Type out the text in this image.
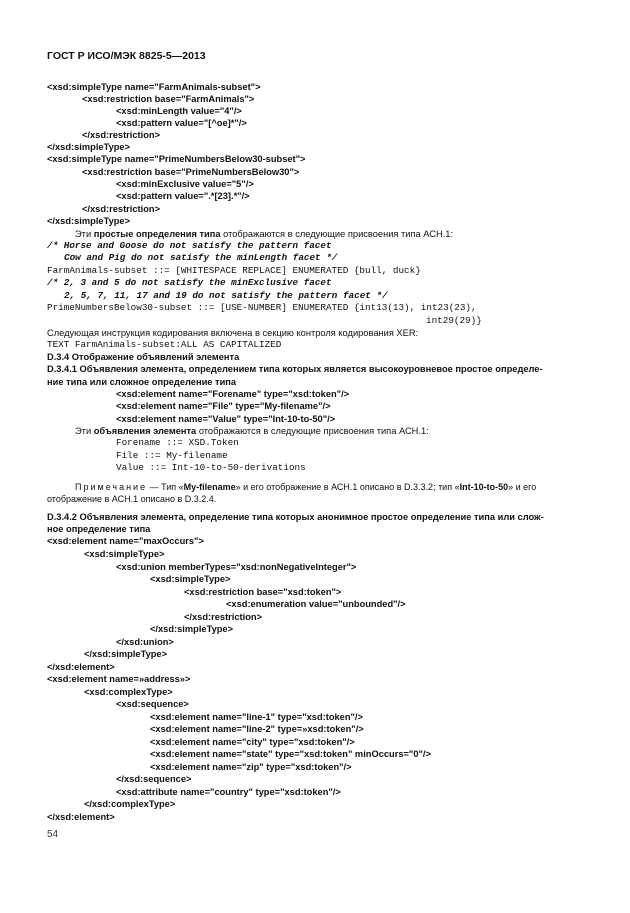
ГОСТ Р ИСО/МЭК 8825-5—2013
<xsd:simpleType name="FarmAnimals-subset">
<xsd:restriction base="FarmAnimals">
<xsd:minLength value="4"/>
<xsd:pattern value="[^oe]*"/>
</xsd:restriction>
</xsd:simpleType>
<xsd:simpleType name="PrimeNumbersBelow30-subset">
<xsd:restriction base="PrimeNumbersBelow30">
<xsd:minExclusive value="5"/>
<xsd:pattern value=".*[23].*"/>
</xsd:restriction>
</xsd:simpleType>
Эти простые определения типа отображаются в следующие присвоения типа АСН.1:
/* Horse and Goose do not satisfy the pattern facet
Cow and Pig do not satisfy the minLength facet */
FarmAnimals-subset ::= [WHITESPACE REPLACE] ENUMERATED {bull, duck}
/* 2, 3 and 5 do not satisfy the minExclusive facet
2, 5, 7, 11, 17 and 19 do not satisfy the pattern facet */
PrimeNumbersBelow30-subset ::= [USE-NUMBER] ENUMERATED {int13(13), int23(23),
int29(29)}
Следующая инструкция кодирования включена в секцию контроля кодирования XER:
TEXT FarmAnimals-subset:ALL AS CAPITALIZED
D.3.4 Отображение объявлений элемента
D.3.4.1 Объявления элемента, определением типа которых является высокоуровневое простое определе-
ние типа или сложное определение типа
<xsd:element name="Forename" type="xsd:token"/>
<xsd:element name="File" type="My-filename"/>
<xsd:element name="Value" type="Int-10-to-50"/>
Эти объявления элемента отображаются в следующие присвоения типа АСН.1:
Forename ::= XSD.Token
File ::= My-filename
Value ::= Int-10-to-50-derivations
Примечание — Тип «My-filename» и его отображение в АСН.1 описано в D.3.3.2; тип «Int-10-to-50» и его
отображение в АСН.1 описано в D.3.2.4.
D.3.4.2 Объявления элемента, определение типа которых анонимное простое определение типа или слож-
ное определение типа
<xsd:element name="maxOccurs">
<xsd:simpleType>
<xsd:union memberTypes="xsd:nonNegativeInteger">
<xsd:simpleType>
<xsd:restriction base="xsd:token">
<xsd:enumeration value="unbounded"/>
</xsd:restriction>
</xsd:simpleType>
</xsd:union>
</xsd:simpleType>
</xsd:element>
<xsd:element name=»address»>
<xsd:complexType>
<xsd:sequence>
<xsd:element name="line-1" type="xsd:token"/>
<xsd:element name="line-2" type=»xsd:token"/>
<xsd:element name="city" type="xsd:token"/>
<xsd:element name="state" type="xsd:token" minOccurs="0"/>
<xsd:element name="zip" type="xsd:token"/>
</xsd:sequence>
<xsd:attribute name="country" type="xsd:token"/>
</xsd:complexType>
</xsd:element>
54
